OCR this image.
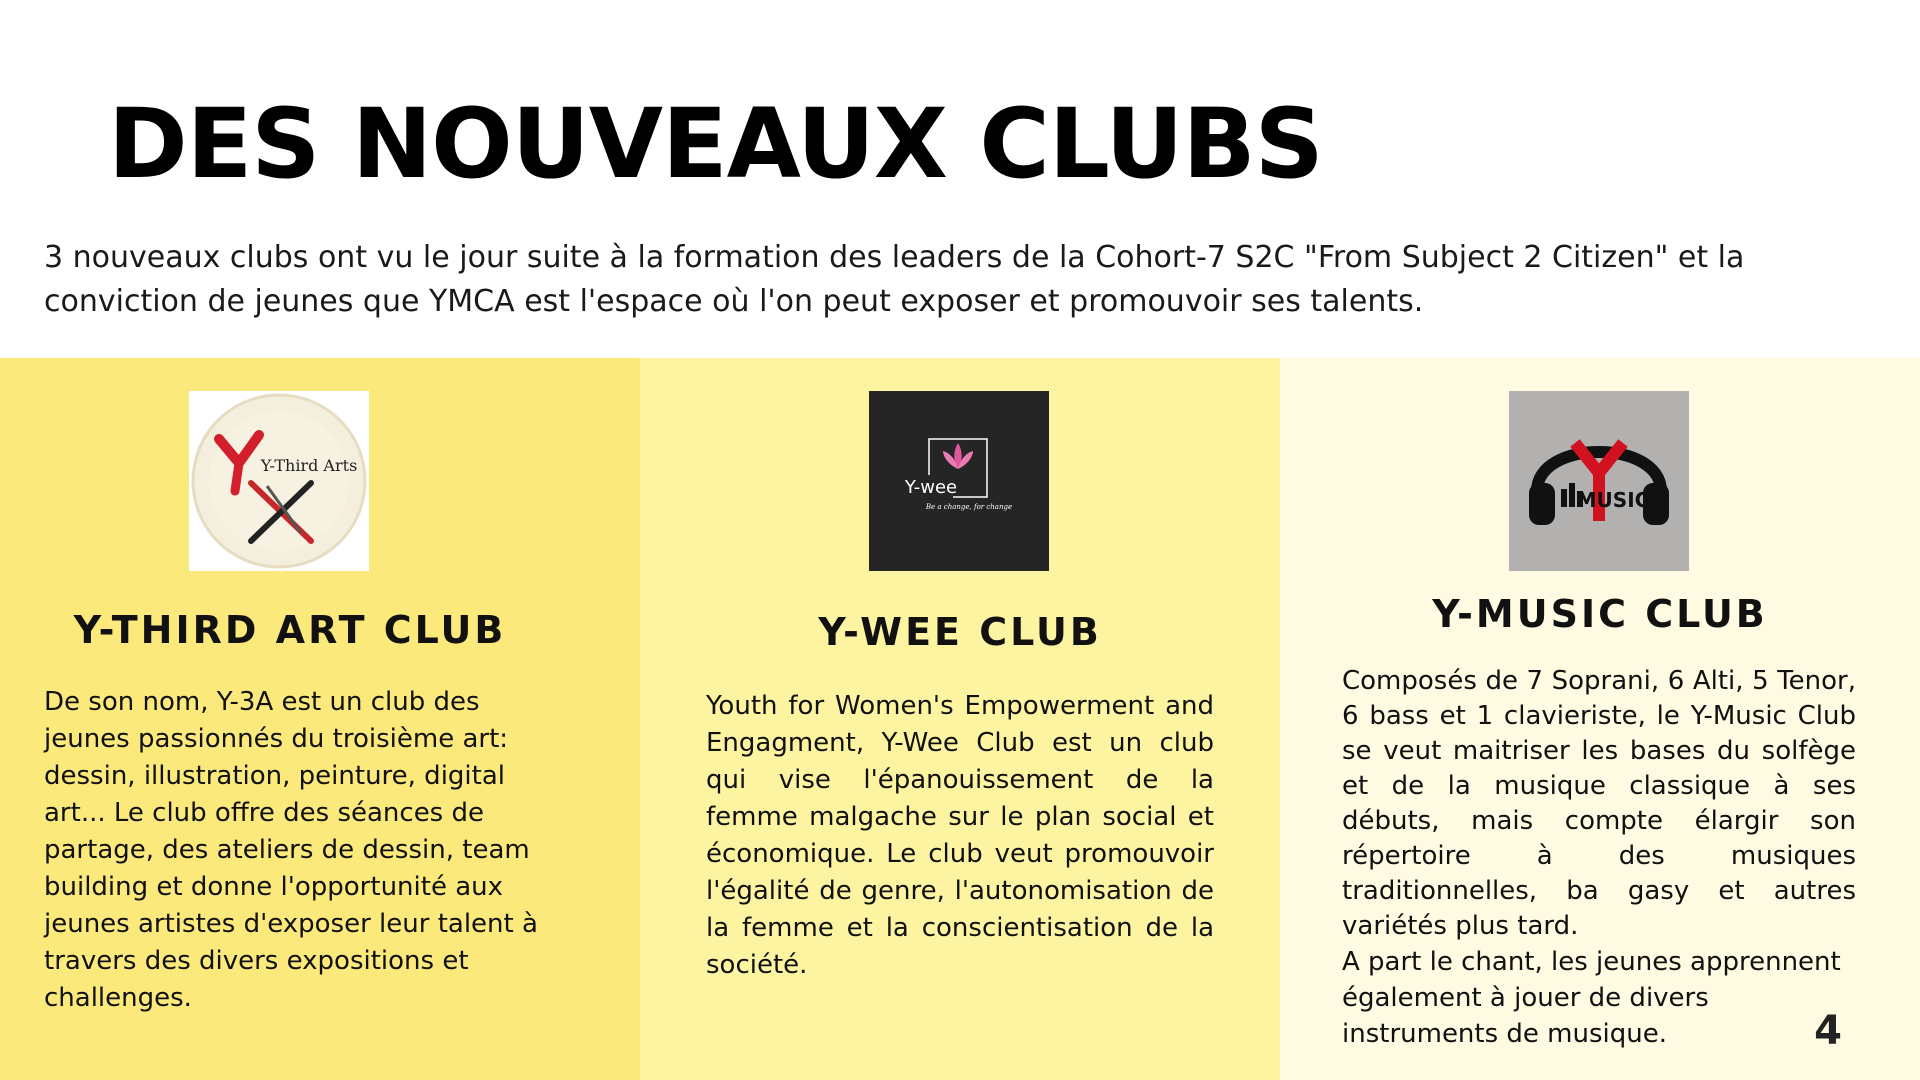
DES NOUVEAUX CLUBS

3 nouveaux clubs ont vu le jour suite à la formation des leaders de la Cohort-7 S2C "From Subject 2 Citizen" et la conviction de jeunes que YMCA est l'espace où l'on peut exposer et promouvoir ses talents.

Y-Third Arts
Y-THIRD ART CLUB

De son nom, Y-3A est un club des jeunes passionnés du troisième art: dessin, illustration, peinture, digital art... Le club offre des séances de partage, des ateliers de dessin, team building et donne l'opportunité aux jeunes artistes d'exposer leur talent à travers des divers expositions et challenges.

Y-wee
Be a change, for change
Y-WEE CLUB

Youth for Women's Empowerment and Engagment, Y-Wee Club est un club qui vise l'épanouissement de la femme malgache sur le plan social et économique. Le club veut promouvoir l'égalité de genre, l'autonomisation de la femme et la conscientisation de la société.

MUSIC
Y-MUSIC CLUB

Composés de 7 Soprani, 6 Alti, 5 Tenor, 6 bass et 1 clavieriste, le Y-Music Club se veut maitriser les bases du solfège et de la musique classique à ses débuts, mais compte élargir son répertoire à des musiques traditionnelles, ba gasy et autres variétés plus tard.

A part le chant, les jeunes apprennent également à jouer de divers instruments de musique.	4
